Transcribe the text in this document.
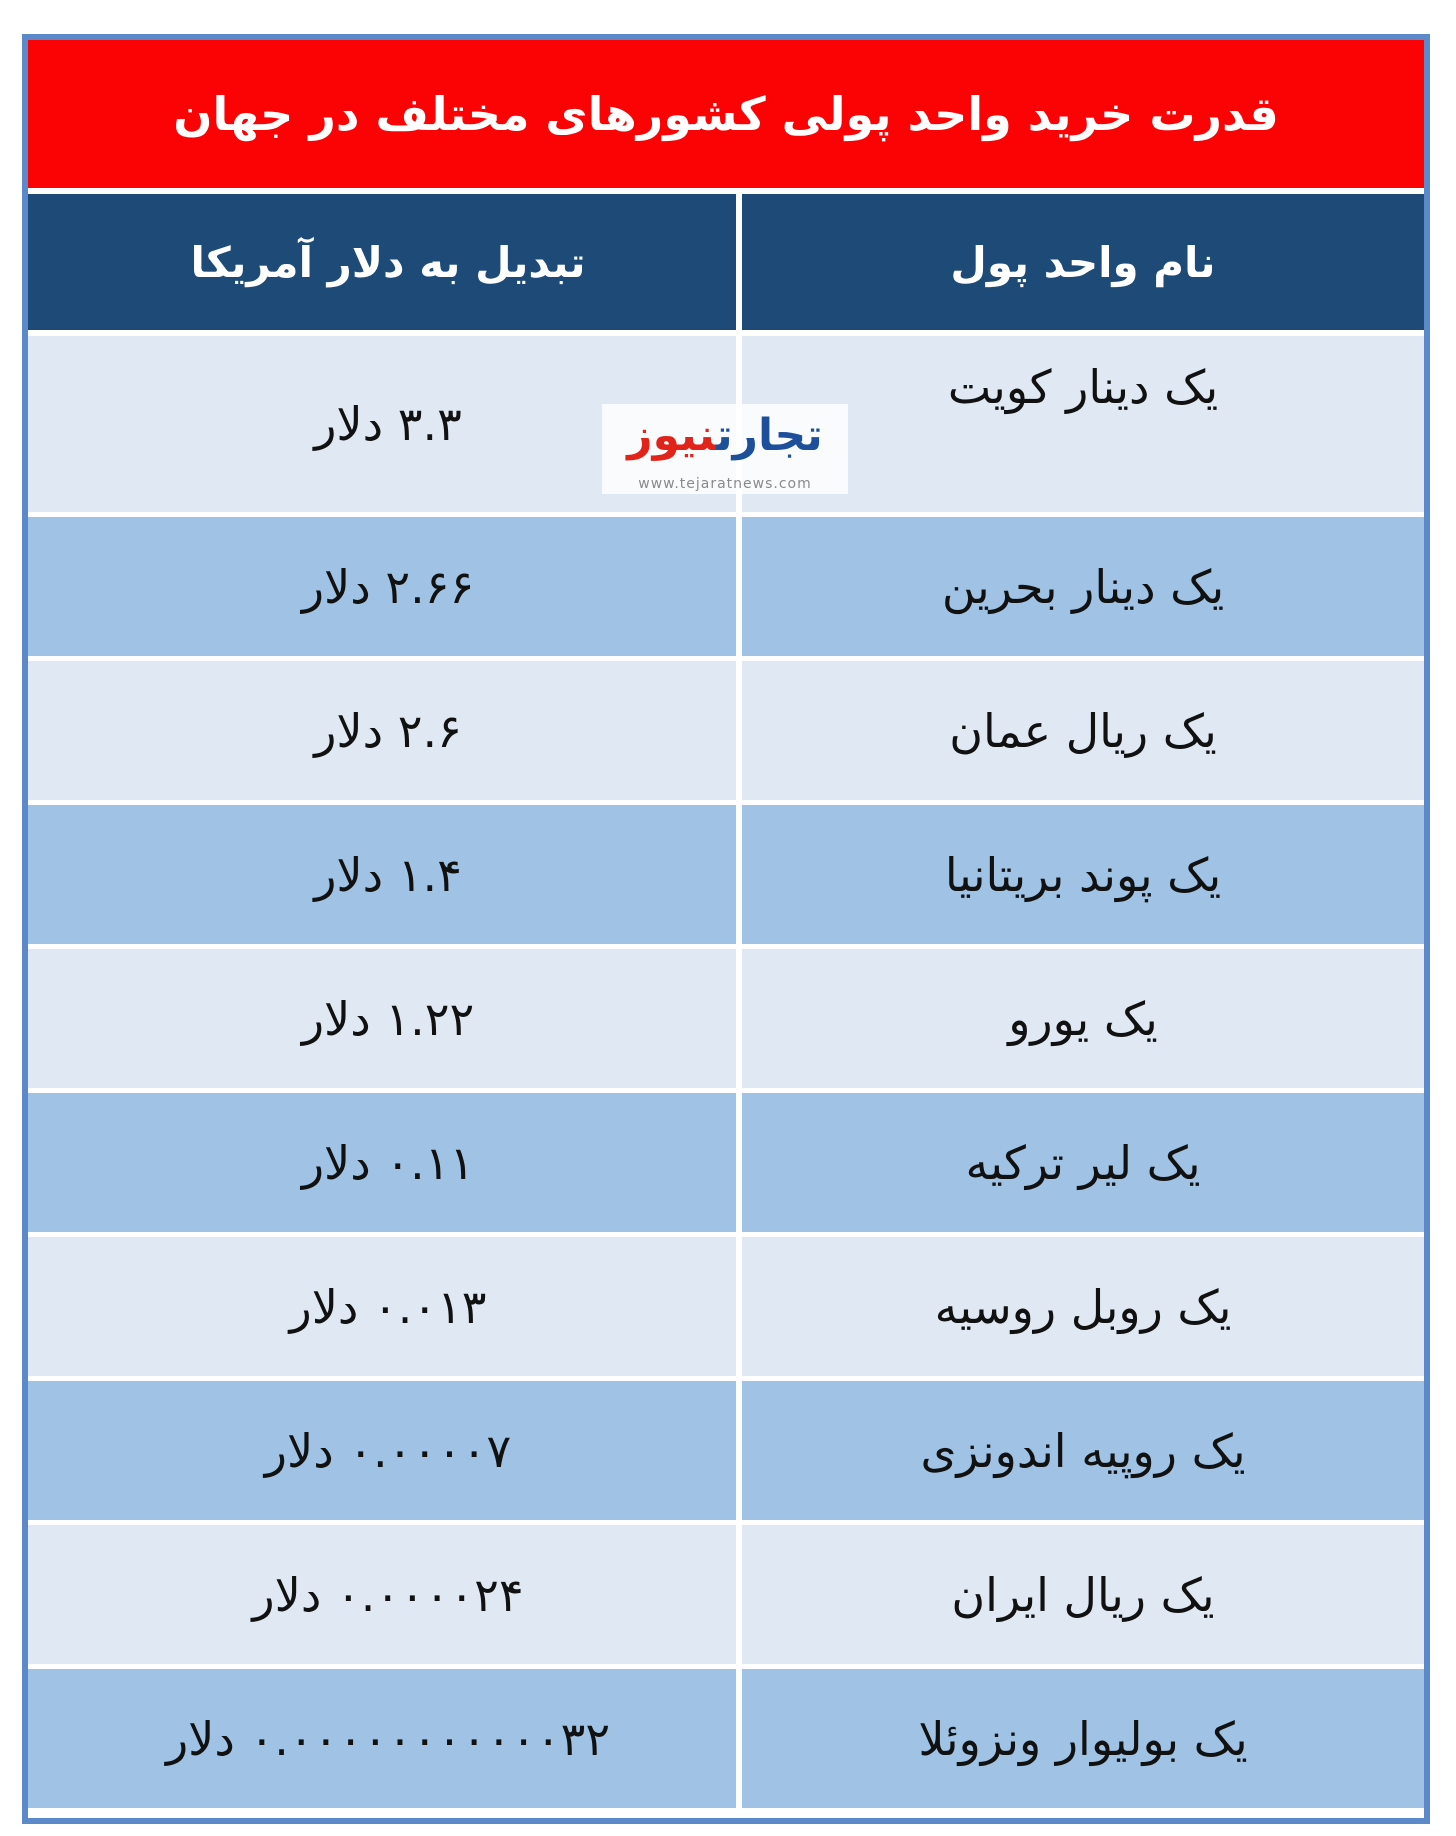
قدرت خرید واحد پولی کشورهای مختلف در جهان
تبدیل به دلار آمریکا	نام واحد پول
۳.۳ دلار	یک دینار کویت
۲.۶۶ دلار	یک دینار بحرین
۲.۶ دلار	یک ریال عمان
۱.۴ دلار	یک پوند بریتانیا
۱.۲۲ دلار	یک یورو
۰.۱۱ دلار	یک لیر ترکیه
۰.۰۱۳ دلار	یک روبل روسیه
۰.۰۰۰۰۷ دلار	یک روپیه اندونزی
۰.۰۰۰۰۲۴ دلار	یک ریال ایران
۰.۰۰۰۰۰۰۰۰۰۰۰۳۲ دلار	یک بولیوار ونزوئلا
تجارتنیوز
www.tejaratnews.com
